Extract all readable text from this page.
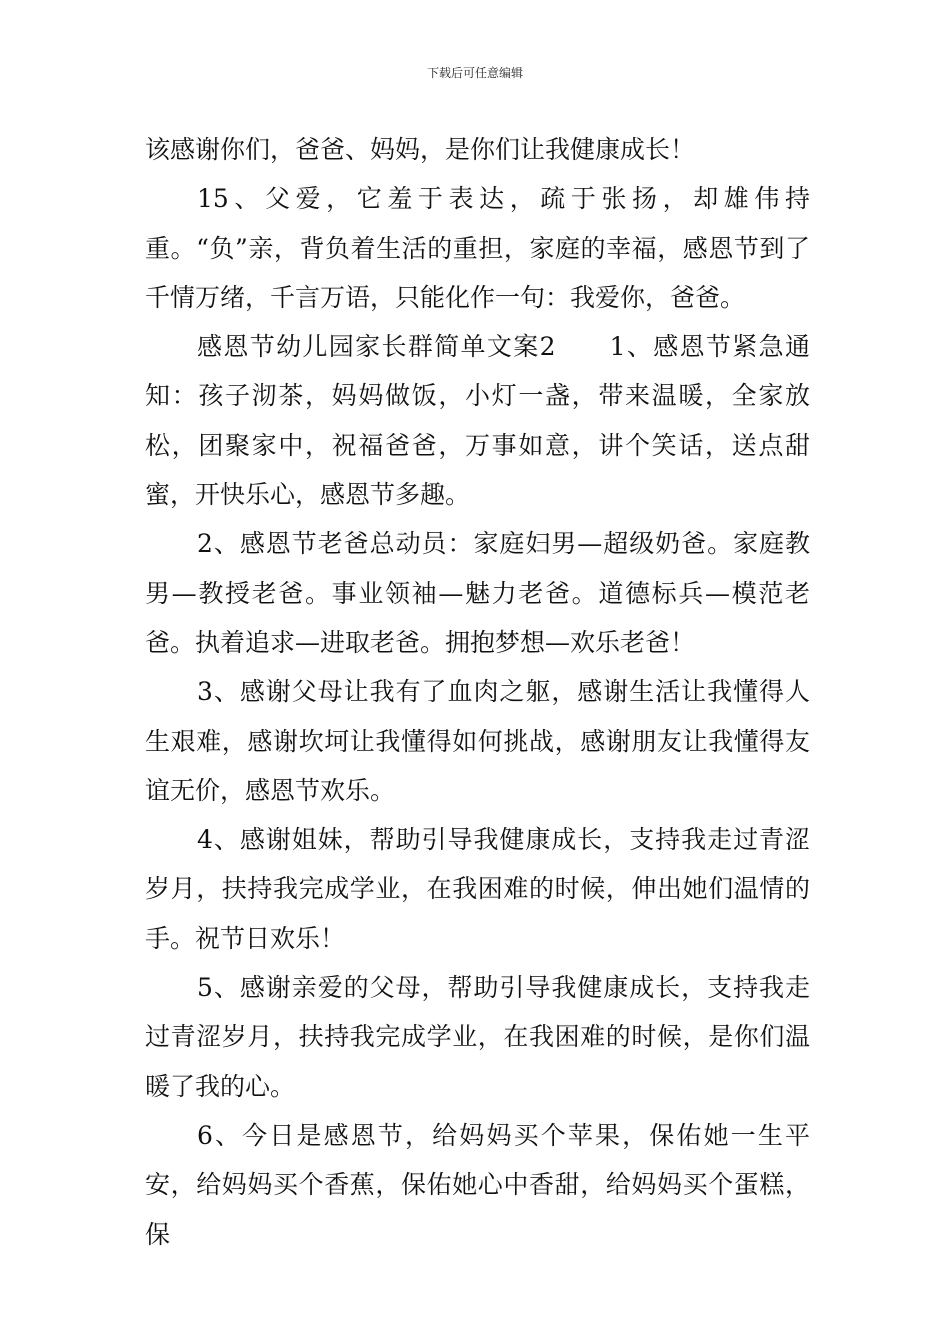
下载后可任意编辑

该感谢你们，爸爸、妈妈，是你们让我健康成长！

15、父爱，它羞于表达，疏于张扬，却雄伟持重。“负”亲，背负着生活的重担，家庭的幸福，感恩节到了千情万绪，千言万语，只能化作一句：我爱你，爸爸。

感恩节幼儿园家长群简单文案2　　1、感恩节紧急通知：孩子沏茶，妈妈做饭，小灯一盏，带来温暖，全家放松，团聚家中，祝福爸爸，万事如意，讲个笑话，送点甜蜜，开快乐心，感恩节多趣。

2、感恩节老爸总动员：家庭妇男—超级奶爸。家庭教男—教授老爸。事业领袖—魅力老爸。道德标兵—模范老爸。执着追求—进取老爸。拥抱梦想—欢乐老爸！

3、感谢父母让我有了血肉之躯，感谢生活让我懂得人生艰难，感谢坎坷让我懂得如何挑战，感谢朋友让我懂得友谊无价，感恩节欢乐。

4、感谢姐妹，帮助引导我健康成长，支持我走过青涩岁月，扶持我完成学业，在我困难的时候，伸出她们温情的手。祝节日欢乐！

5、感谢亲爱的父母，帮助引导我健康成长，支持我走过青涩岁月，扶持我完成学业，在我困难的时候，是你们温暖了我的心。

6、今日是感恩节，给妈妈买个苹果，保佑她一生平安，给妈妈买个香蕉，保佑她心中香甜，给妈妈买个蛋糕，保
